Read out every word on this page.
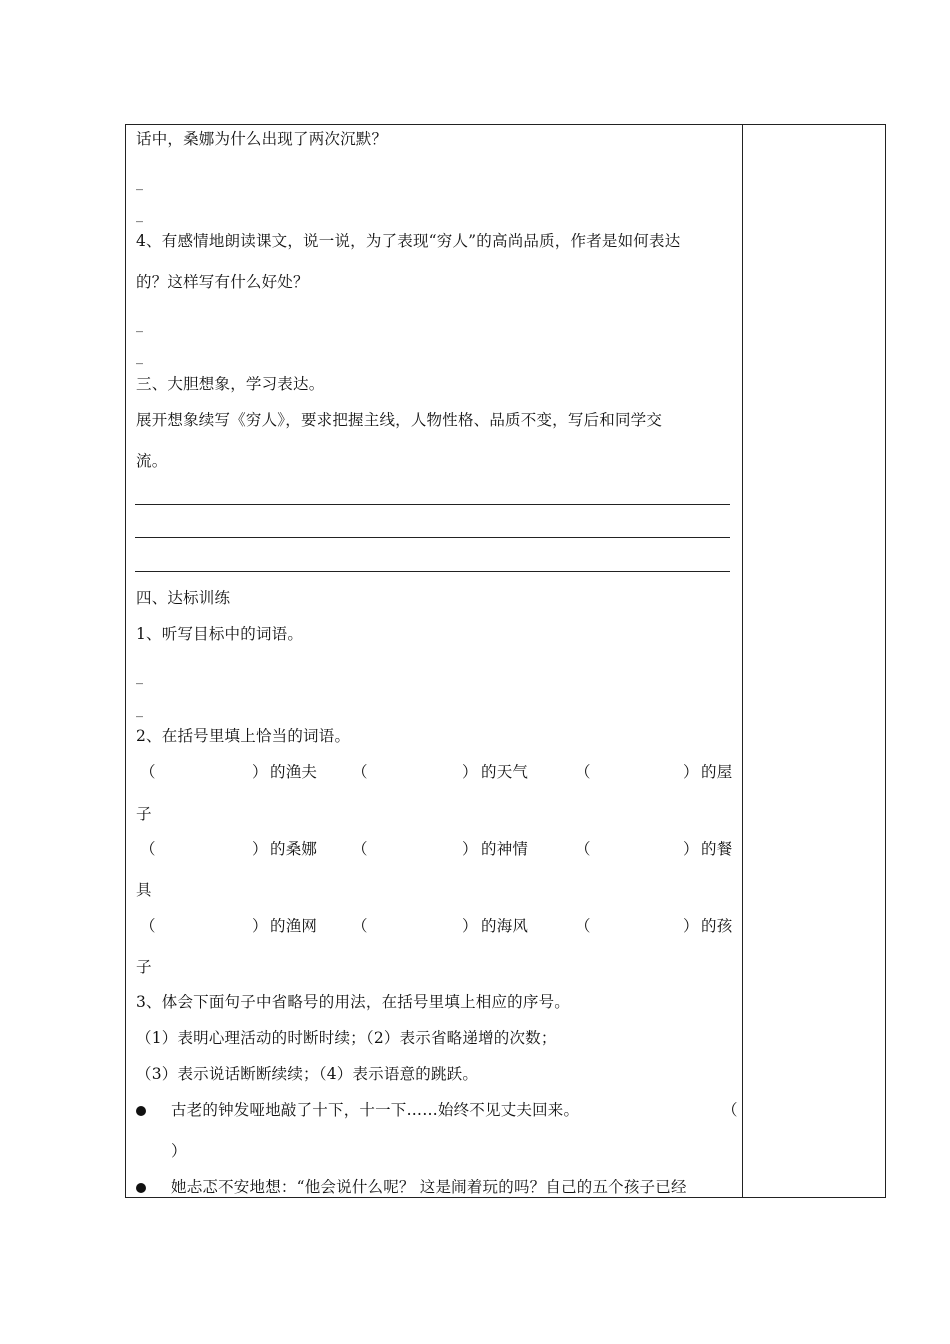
话中，桑娜为什么出现了两次沉默？
_
_
4、有感情地朗读课文，说一说，为了表现“穷人”的高尚品质，作者是如何表达
的？这样写有什么好处？
_
_
三、大胆想象，学习表达。
展开想象续写《穷人》，要求把握主线，人物性格、品质不变，写后和同学交
流。
四、达标训练
1、听写目标中的词语。
_
_
2、在括号里填上恰当的词语。
（	） 的渔夫 （	） 的天气	（	） 的屋
子
（	） 的桑娜 （	） 的神情	（	） 的餐
具
（	） 的渔网 （	） 的海风	（	） 的孩
子
3、体会下面句子中省略号的用法，在括号里填上相应的序号。
（1）表明心理活动的时断时续；（2）表示省略递增的次数；
（3）表示说话断断续续；（4）表示语意的跳跃。
古老的钟发哑地敲了十下，十一下……始终不见丈夫回来。	（
）
她忐忑不安地想：“他会说什么呢？ 这是闹着玩的吗？自己的五个孩子已经
